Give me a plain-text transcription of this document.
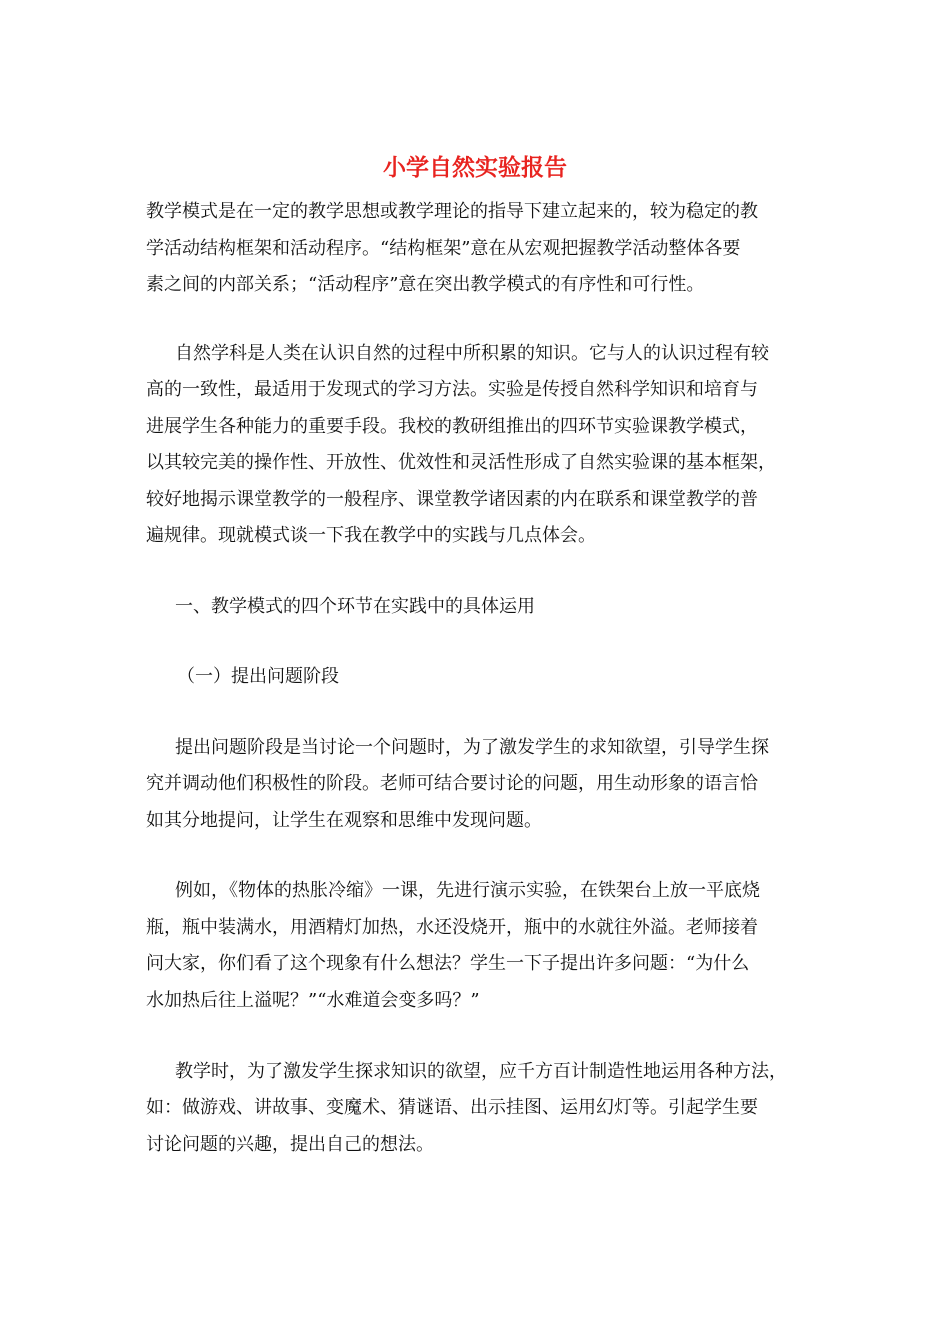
小学自然实验报告
教学模式是在一定的教学思想或教学理论的指导下建立起来的，较为稳定的教
学活动结构框架和活动程序。“结构框架”意在从宏观把握教学活动整体各要
素之间的内部关系；“活动程序”意在突出教学模式的有序性和可行性。
自然学科是人类在认识自然的过程中所积累的知识。它与人的认识过程有较
高的一致性，最适用于发现式的学习方法。实验是传授自然科学知识和培育与
进展学生各种能力的重要手段。我校的教研组推出的四环节实验课教学模式，
以其较完美的操作性、开放性、优效性和灵活性形成了自然实验课的基本框架，
较好地揭示课堂教学的一般程序、课堂教学诸因素的内在联系和课堂教学的普
遍规律。现就模式谈一下我在教学中的实践与几点体会。
一、教学模式的四个环节在实践中的具体运用
（一）提出问题阶段
提出问题阶段是当讨论一个问题时，为了激发学生的求知欲望，引导学生探
究并调动他们积极性的阶段。老师可结合要讨论的问题，用生动形象的语言恰
如其分地提问，让学生在观察和思维中发现问题。
例如，《物体的热胀冷缩》一课，先进行演示实验，在铁架台上放一平底烧
瓶，瓶中装满水，用酒精灯加热，水还没烧开，瓶中的水就往外溢。老师接着
问大家，你们看了这个现象有什么想法？学生一下子提出许多问题：“为什么
水加热后往上溢呢？”“水难道会变多吗？”
教学时，为了激发学生探求知识的欲望，应千方百计制造性地运用各种方法，
如：做游戏、讲故事、变魔术、猜谜语、出示挂图、运用幻灯等。引起学生要
讨论问题的兴趣，提出自己的想法。
